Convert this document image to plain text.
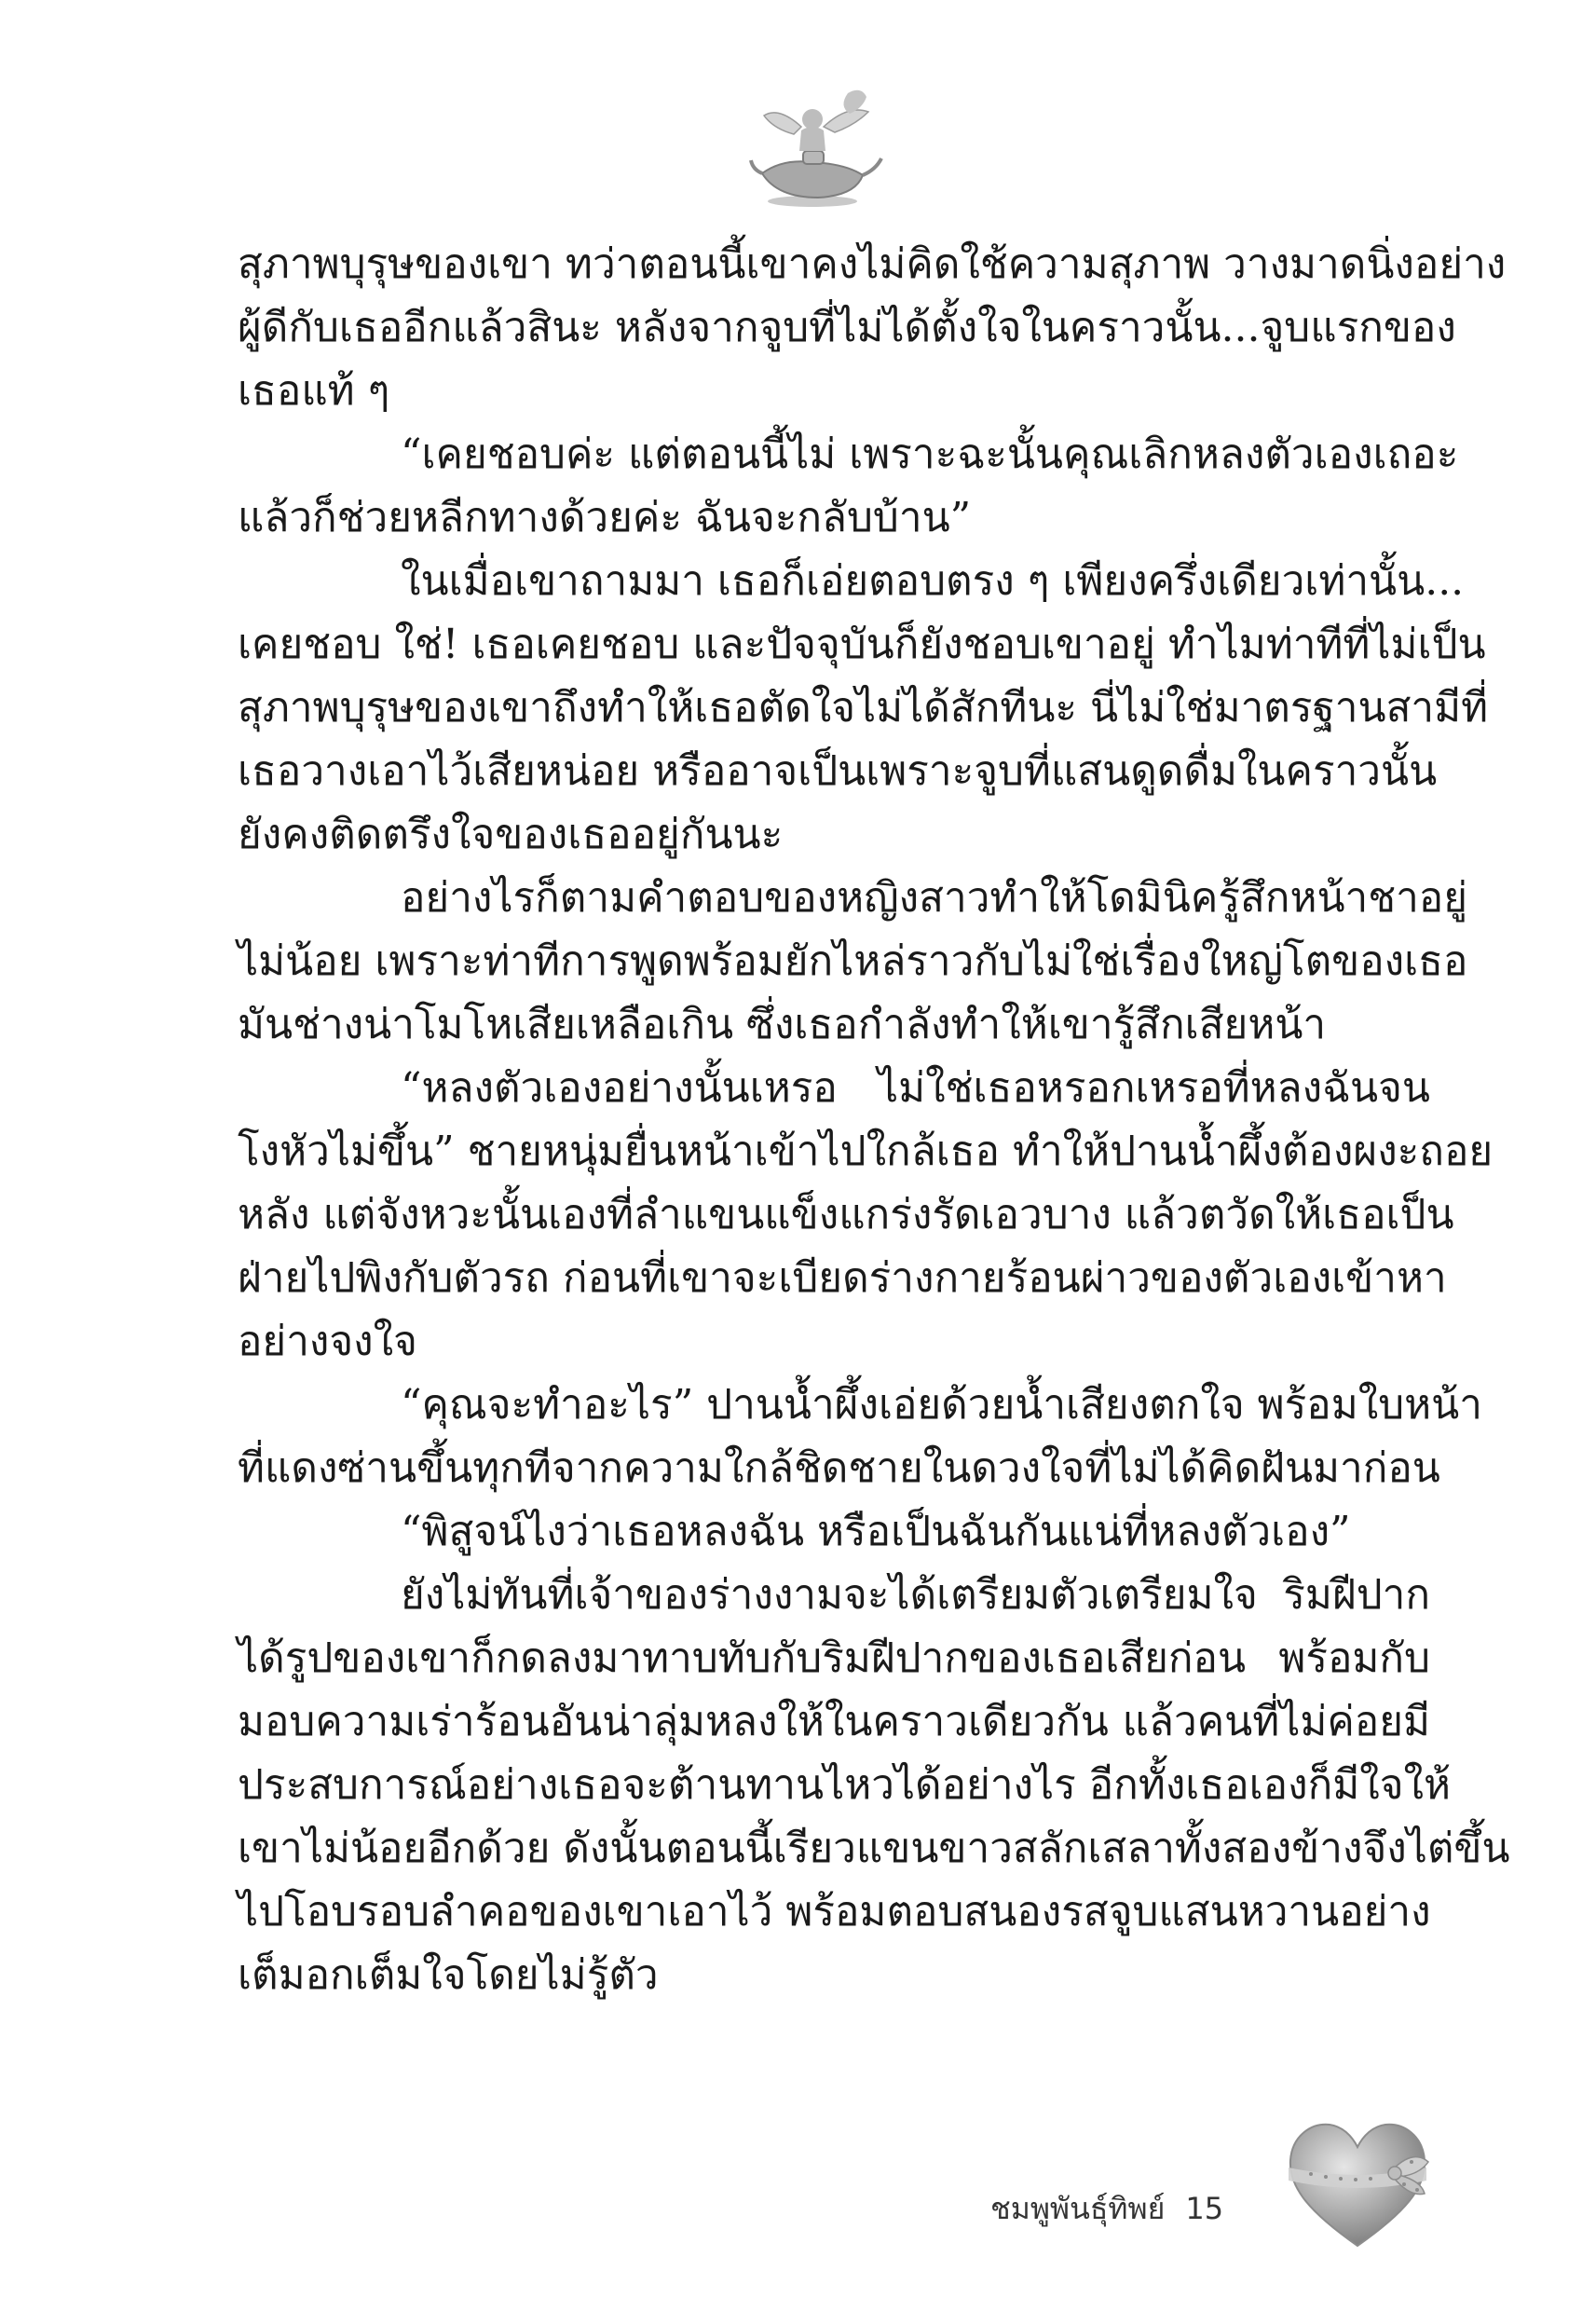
สุภาพบุรุษของเขา ทว่าตอนนี้เขาคงไม่คิดใช้ความสุภาพ วางมาดนิ่งอย่าง
ผู้ดีกับเธออีกแล้วสินะ หลังจากจูบที่ไม่ได้ตั้งใจในคราวนั้น...จูบแรกของ
เธอแท้ ๆ
“เคยชอบค่ะ แต่ตอนนี้ไม่ เพราะฉะนั้นคุณเลิกหลงตัวเองเถอะ
แล้วก็ช่วยหลีกทางด้วยค่ะ ฉันจะกลับบ้าน”
ในเมื่อเขาถามมา เธอก็เอ่ยตอบตรง ๆ เพียงครึ่งเดียวเท่านั้น...
เคยชอบ ใช่! เธอเคยชอบ และปัจจุบันก็ยังชอบเขาอยู่ ทำไมท่าทีที่ไม่เป็น
สุภาพบุรุษของเขาถึงทำให้เธอตัดใจไม่ได้สักทีนะ นี่ไม่ใช่มาตรฐานสามีที่
เธอวางเอาไว้เสียหน่อย หรืออาจเป็นเพราะจูบที่แสนดูดดื่มในคราวนั้น
ยังคงติดตรึงใจของเธออยู่กันนะ
อย่างไรก็ตามคำตอบของหญิงสาวทำให้โดมินิครู้สึกหน้าชาอยู่
ไม่น้อย เพราะท่าทีการพูดพร้อมยักไหล่ราวกับไม่ใช่เรื่องใหญ่โตของเธอ
มันช่างน่าโมโหเสียเหลือเกิน ซึ่งเธอกำลังทำให้เขารู้สึกเสียหน้า
“หลงตัวเองอย่างนั้นเหรอ ไม่ใช่เธอหรอกเหรอที่หลงฉันจน
โงหัวไม่ขึ้น” ชายหนุ่มยื่นหน้าเข้าไปใกล้เธอ ทำให้ปานน้ำผึ้งต้องผงะถอย
หลัง แต่จังหวะนั้นเองที่ลำแขนแข็งแกร่งรัดเอวบาง แล้วตวัดให้เธอเป็น
ฝ่ายไปพิงกับตัวรถ ก่อนที่เขาจะเบียดร่างกายร้อนผ่าวของตัวเองเข้าหา
อย่างจงใจ
“คุณจะทำอะไร” ปานน้ำผึ้งเอ่ยด้วยน้ำเสียงตกใจ พร้อมใบหน้า
ที่แดงซ่านขึ้นทุกทีจากความใกล้ชิดชายในดวงใจที่ไม่ได้คิดฝันมาก่อน
“พิสูจน์ไงว่าเธอหลงฉัน หรือเป็นฉันกันแน่ที่หลงตัวเอง”
ยังไม่ทันที่เจ้าของร่างงามจะได้เตรียมตัวเตรียมใจ ริมฝีปาก
ได้รูปของเขาก็กดลงมาทาบทับกับริมฝีปากของเธอเสียก่อน พร้อมกับ
มอบความเร่าร้อนอันน่าลุ่มหลงให้ในคราวเดียวกัน แล้วคนที่ไม่ค่อยมี
ประสบการณ์อย่างเธอจะต้านทานไหวได้อย่างไร อีกทั้งเธอเองก็มีใจให้
เขาไม่น้อยอีกด้วย ดังนั้นตอนนี้เรียวแขนขาวสลักเสลาทั้งสองข้างจึงไต่ขึ้น
ไปโอบรอบลำคอของเขาเอาไว้ พร้อมตอบสนองรสจูบแสนหวานอย่าง
เต็มอกเต็มใจโดยไม่รู้ตัว
ชมพูพันธุ์ทิพย์ 15
